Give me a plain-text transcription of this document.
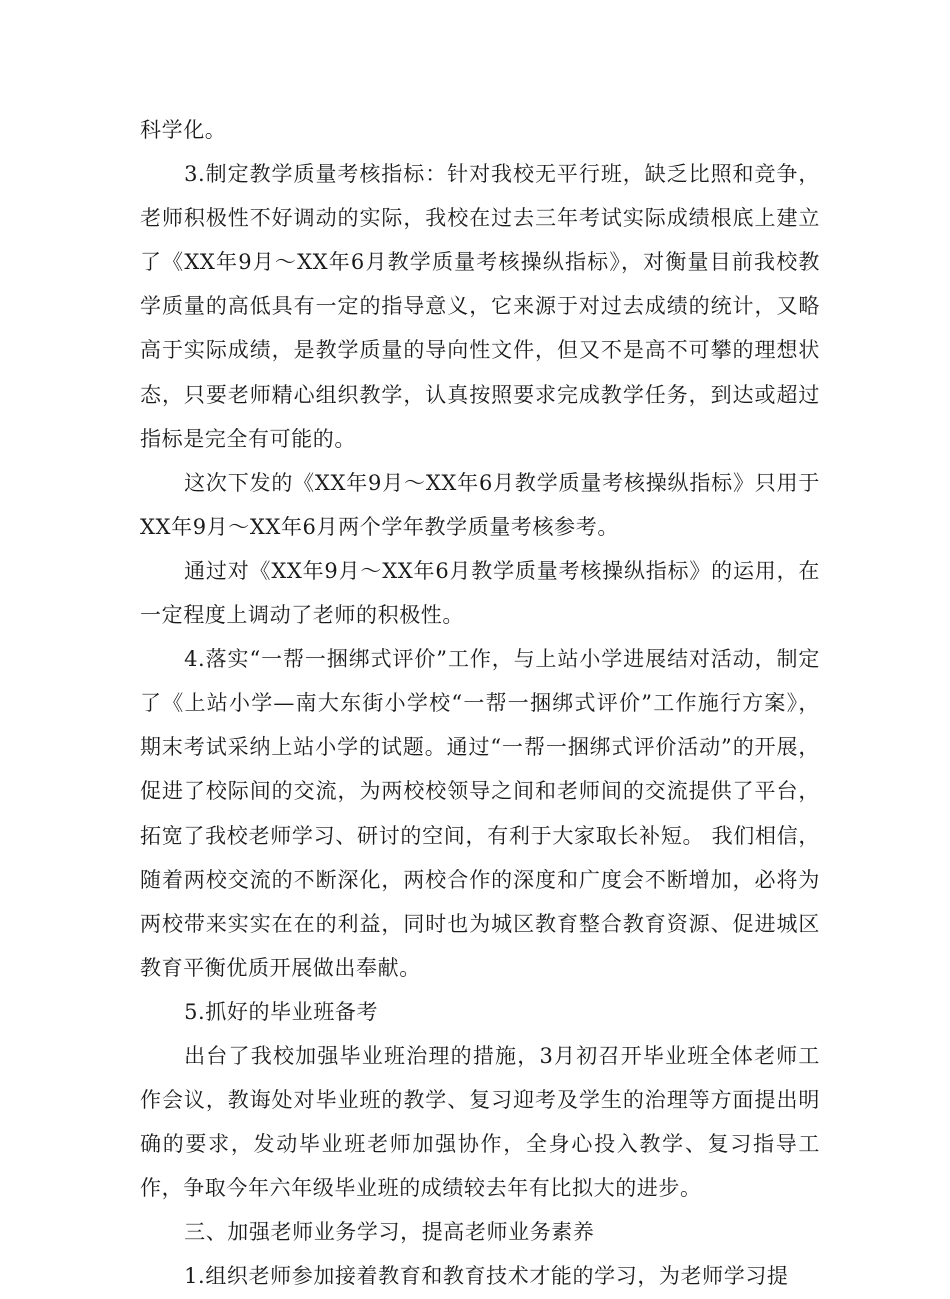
科学化。

3.制定教学质量考核指标：针对我校无平行班，缺乏比照和竞争，老师积极性不好调动的实际，我校在过去三年考试实际成绩根底上建立了《XX年9月～XX年6月教学质量考核操纵指标》，对衡量目前我校教学质量的高低具有一定的指导意义，它来源于对过去成绩的统计，又略高于实际成绩，是教学质量的导向性文件，但又不是高不可攀的理想状态，只要老师精心组织教学，认真按照要求完成教学任务，到达或超过指标是完全有可能的。

这次下发的《XX年9月～XX年6月教学质量考核操纵指标》只用于XX年9月～XX年6月两个学年教学质量考核参考。

通过对《XX年9月～XX年6月教学质量考核操纵指标》的运用，在一定程度上调动了老师的积极性。

4.落实“一帮一捆绑式评价”工作，与上站小学进展结对活动，制定了《上站小学—南大东街小学校“一帮一捆绑式评价”工作施行方案》，期末考试采纳上站小学的试题。通过“一帮一捆绑式评价活动”的开展，促进了校际间的交流，为两校校领导之间和老师间的交流提供了平台，拓宽了我校老师学习、研讨的空间，有利于大家取长补短。 我们相信，随着两校交流的不断深化，两校合作的深度和广度会不断增加，必将为两校带来实实在在的利益，同时也为城区教育整合教育资源、促进城区教育平衡优质开展做出奉献。

5.抓好的毕业班备考

出台了我校加强毕业班治理的措施，3月初召开毕业班全体老师工作会议，教诲处对毕业班的教学、复习迎考及学生的治理等方面提出明确的要求，发动毕业班老师加强协作，全身心投入教学、复习指导工作，争取今年六年级毕业班的成绩较去年有比拟大的进步。

三、加强老师业务学习，提高老师业务素养

1.组织老师参加接着教育和教育技术才能的学习，为老师学习提
